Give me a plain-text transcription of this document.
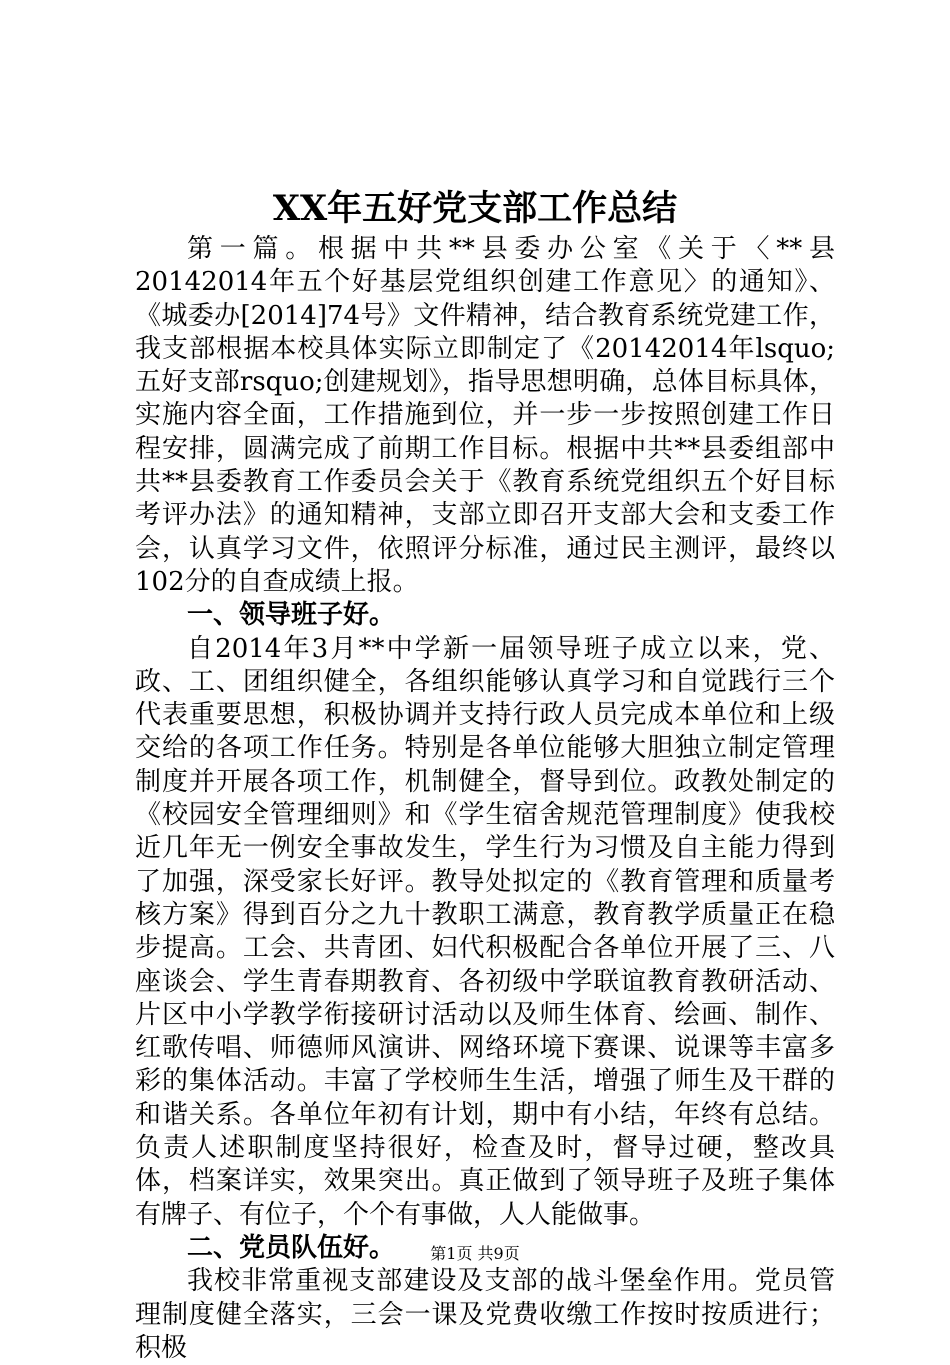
XX年五好党支部工作总结

第一篇。根据中共**县委办公室《关于〈**县20142014年五个好基层党组织创建工作意见〉的通知》、《城委办[2014]74号》文件精神，结合教育系统党建工作，我支部根据本校具体实际立即制定了《20142014年lsquo;五好支部rsquo;创建规划》，指导思想明确，总体目标具体，实施内容全面，工作措施到位，并一步一步按照创建工作日程安排，圆满完成了前期工作目标。根据中共**县委组部中共**县委教育工作委员会关于《教育系统党组织五个好目标考评办法》的通知精神，支部立即召开支部大会和支委工作会，认真学习文件，依照评分标准，通过民主测评，最终以102分的自查成绩上报。

一、领导班子好。

自2014年3月**中学新一届领导班子成立以来，党、政、工、团组织健全，各组织能够认真学习和自觉践行三个代表重要思想，积极协调并支持行政人员完成本单位和上级交给的各项工作任务。特别是各单位能够大胆独立制定管理制度并开展各项工作，机制健全，督导到位。政教处制定的《校园安全管理细则》和《学生宿舍规范管理制度》使我校近几年无一例安全事故发生，学生行为习惯及自主能力得到了加强，深受家长好评。教导处拟定的《教育管理和质量考核方案》得到百分之九十教职工满意，教育教学质量正在稳步提高。工会、共青团、妇代积极配合各单位开展了三、八座谈会、学生青春期教育、各初级中学联谊教育教研活动、片区中小学教学衔接研讨活动以及师生体育、绘画、制作、红歌传唱、师德师风演讲、网络环境下赛课、说课等丰富多彩的集体活动。丰富了学校师生生活，增强了师生及干群的和谐关系。各单位年初有计划，期中有小结，年终有总结。负责人述职制度坚持很好，检查及时，督导过硬，整改具体，档案详实，效果突出。真正做到了领导班子及班子集体有牌子、有位子，个个有事做，人人能做事。

二、党员队伍好。

我校非常重视支部建设及支部的战斗堡垒作用。党员管理制度健全落实，三会一课及党费收缴工作按时按质进行；积极

第1页 共9页
